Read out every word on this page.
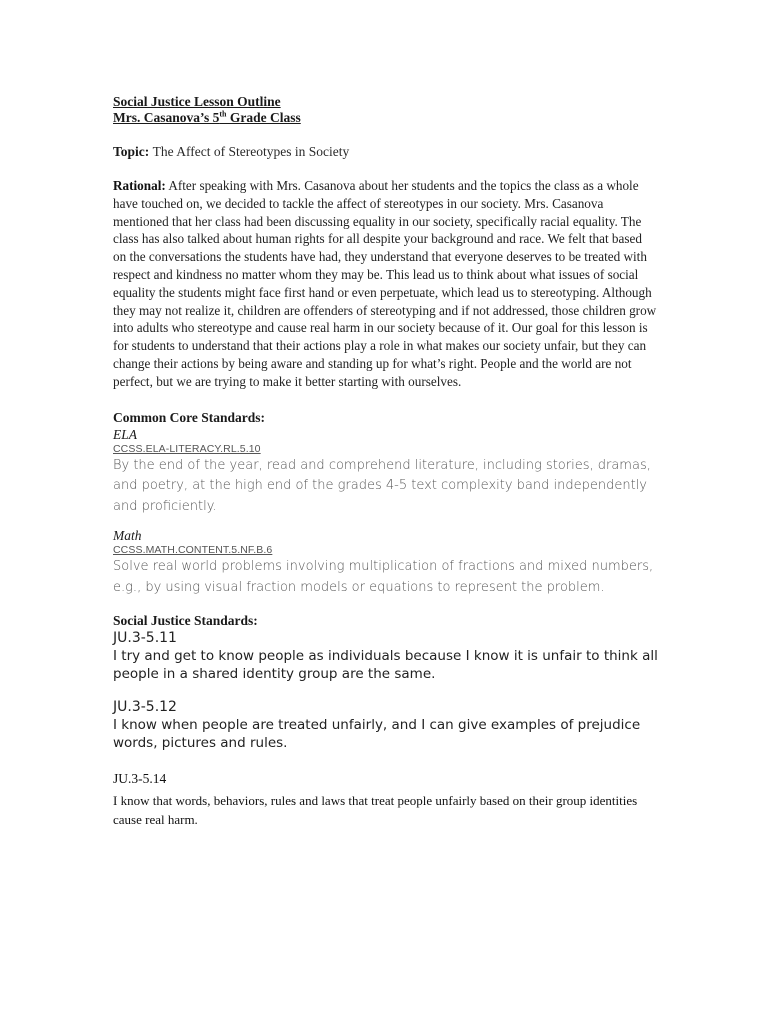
Social Justice Lesson Outline

Mrs. Casanova’s 5th Grade Class

Topic: The Affect of Stereotypes in Society
Rational: After speaking with Mrs. Casanova about her students and the topics the class as a whole have touched on, we decided to tackle the affect of stereotypes in our society. Mrs. Casanova mentioned that her class had been discussing equality in our society, specifically racial equality. The class has also talked about human rights for all despite your background and race. We felt that based on the conversations the students have had, they understand that everyone deserves to be treated with respect and kindness no matter whom they may be. This lead us to think about what issues of social equality the students might face first hand or even perpetuate, which lead us to stereotyping. Although they may not realize it, children are offenders of stereotyping and if not addressed, those children grow into adults who stereotype and cause real harm in our society because of it. Our goal for this lesson is for students to understand that their actions play a role in what makes our society unfair, but they can change their actions by being aware and standing up for what’s right. People and the world are not perfect, but we are trying to make it better starting with ourselves.

Common Core Standards:

ELA

CCSS.ELA-LITERACY.RL.5.10

By the end of the year, read and comprehend literature, including stories, dramas, and poetry, at the high end of the grades 4-5 text complexity band independently and proficiently.

Math

CCSS.MATH.CONTENT.5.NF.B.6

Solve real world problems involving multiplication of fractions and mixed numbers, e.g., by using visual fraction models or equations to represent the problem.

Social Justice Standards:

JU.3-5.11

I try and get to know people as individuals because I know it is unfair to think all people in a shared identity group are the same.

JU.3-5.12

I know when people are treated unfairly, and I can give examples of prejudice words, pictures and rules.

JU.3-5.14

I know that words, behaviors, rules and laws that treat people unfairly based on their group identities cause real harm.
